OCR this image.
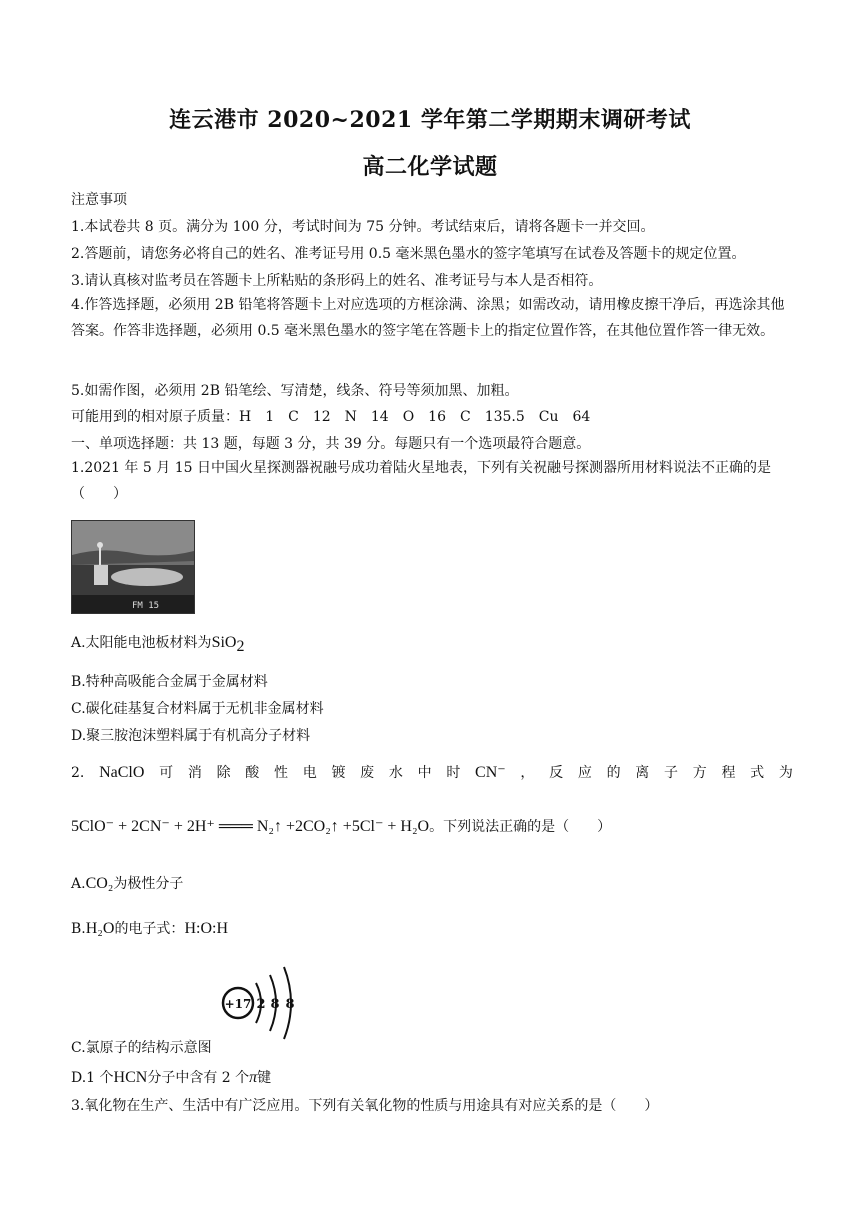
连云港市 2020~2021 学年第二学期期末调研考试
高二化学试题
注意事项
1.本试卷共 8 页。满分为 100 分，考试时间为 75 分钟。考试结束后，请将各题卡一并交回。
2.答题前，请您务必将自己的姓名、准考证号用 0.5 毫米黑色墨水的签字笔填写在试卷及答题卡的规定位置。
3.请认真核对监考员在答题卡上所粘贴的条形码上的姓名、准考证号与本人是否相符。
4.作答选择题，必须用 2B 铅笔将答题卡上对应选项的方框涂满、涂黑；如需改动，请用橡皮擦干净后，再选涂其他答案。作答非选择题，必须用 0.5 毫米黑色墨水的签字笔在答题卡上的指定位置作答，在其他位置作答一律无效。
5.如需作图，必须用 2B 铅笔绘、写清楚，线条、符号等须加黑、加粗。
可能用到的相对原子质量：H　1　C　12　N　14　O　16　C　135.5　Cu　64
一、单项选择题：共 13 题，每题 3 分，共 39 分。每题只有一个选项最符合题意。
1.2021 年 5 月 15 日中国火星探测器祝融号成功着陆火星地表，下列有关祝融号探测器所用材料说法不正确的是（　　）
FM 15
A.太阳能电池板材料为SiO$_2$
B.特种高吸能合金属于金属材料
C.碳化硅基复合材料属于无机非金属材料
D.聚三胺泡沫塑料属于有机高分子材料
2. NaClO 可 消 除 酸 性 电 镀 废 水 中 时 CN⁻ ， 反 应 的 离 子 方 程 式 为
5ClO⁻ + 2CN⁻ + 2H⁺ ═══ N₂↑ +2CO₂↑ +5Cl⁻ + H₂O。下列说法正确的是（　　）
A.CO₂为极性分子
B.H₂O的电子式：H:O:H
+17 2 8 8
C.氯原子的结构示意图
D.1 个HCN分子中含有 2 个π键
3.氧化物在生产、生活中有广泛应用。下列有关氧化物的性质与用途具有对应关系的是（　　）
